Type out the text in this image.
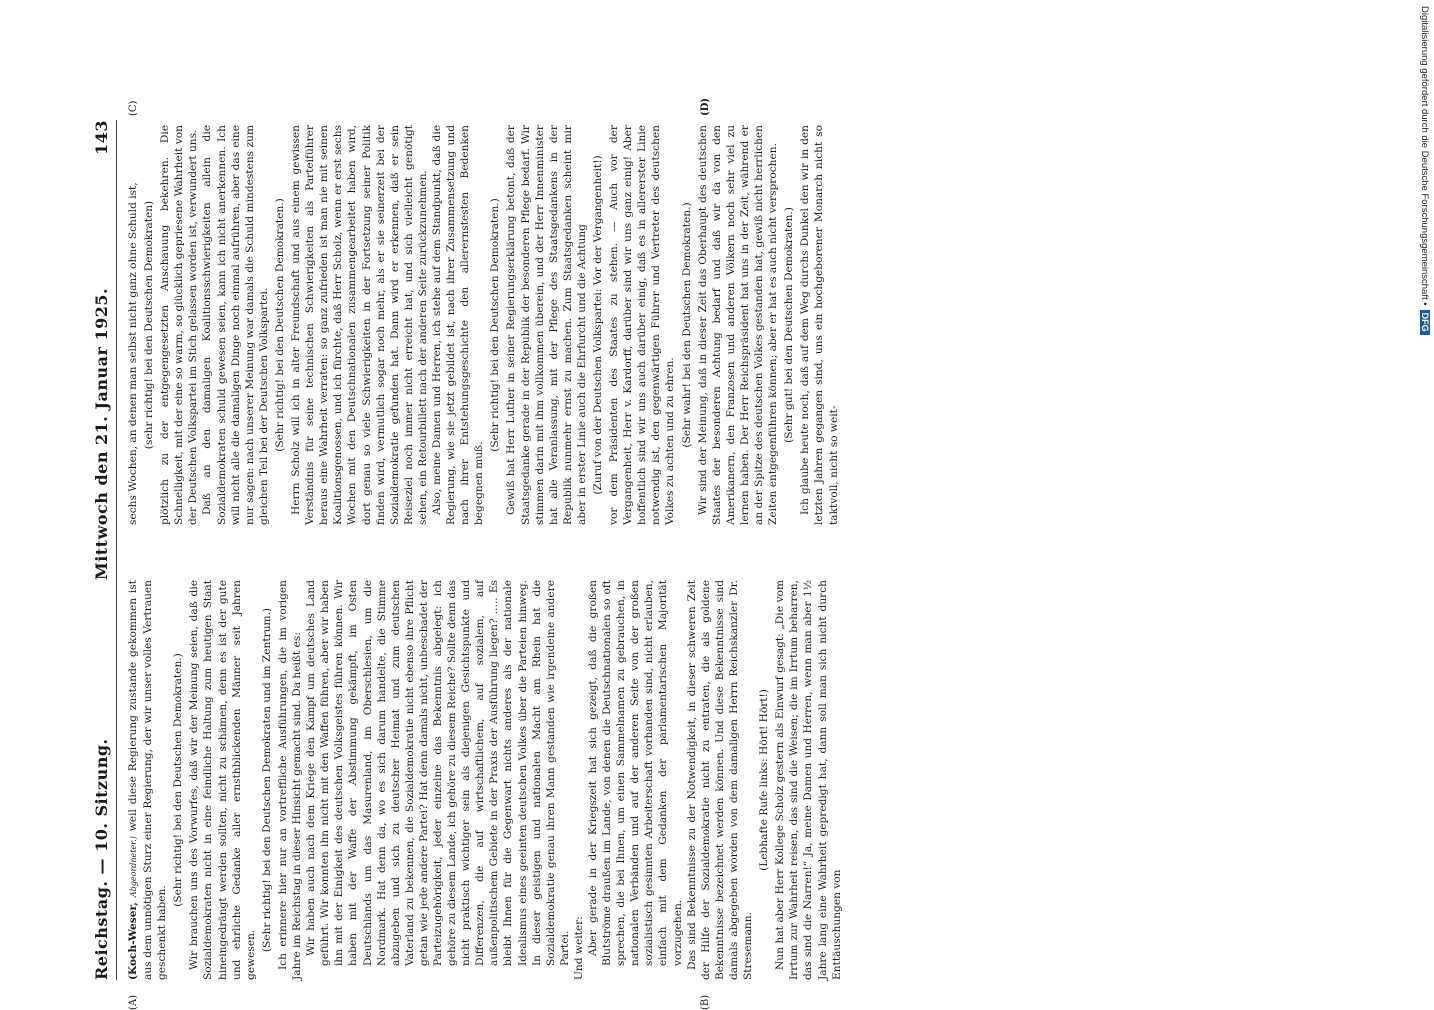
Reichstag. — 10. Sitzung.
Mittwoch den 21. Januar 1925.
143
(A)	(B)
(C)	(D)

(Koch-Weser, Abgeordneter.) weil diese Regierung zustande gekommen ist aus dem unnötigen Sturz einer Regierung, der wir unser volles Vertrauen geschenkt haben.

(Sehr richtig! bei den Deutschen Demokraten.) Wir brauchen uns des Vorwurfes, daß wir der Meinung seien, daß die Sozialdemokraten nicht in eine feindliche Haltung zum heutigen Staat hineingedrängt werden sollten, nicht zu schämen, denn es ist der gute und ehrliche Gedanke aller ernsthblickenden Männer seit Jahren gewesen.

(Sehr richtig! bei den Deutschen Demokraten und im Zentrum.) Ich erinnere hier nur an vortreffliche Ausführungen, die im vorigen Jahre im Reichstag in dieser Hinsicht gemacht sind. Da heißt es: Wir haben auch nach dem Kriege den Kampf um deutsches Land geführt. Wir konnten ihn nicht mit den Waffen führen, aber wir haben ihn mit der Einigkeit des deutschen Volksgeistes führen können. Wir haben mit der Waffe der Abstimmung gekämpft, im Osten Deutschlands um das Masurenland, im Oberschlesien, um die Nordmark. Hat denn da, wo es sich darum handelte, die Stimme abzugeben und sich zu deutscher Heimat und zum deutschen Vaterland zu bekennen, die Sozialdemokratie nicht ebenso ihre Pflicht getan wie jede andere Partei? Hat denn damals nicht, unbeschadet der Parteizugehörigkeit, jeder einzelne das Bekenntnis abgelegt: ich gehöre zu diesem Lande, ich gehöre zu diesem Reiche? Sollte denn das nicht praktisch wichtiger sein als diejenigen Gesichtspunkte und Differenzen, die auf wirtschaftlichem, auf sozialem, auf außenpolitischem Gebiete in der Praxis der Ausführung liegen? ..... Es bleibt Ihnen für die Gegenwart nichts anderes als der nationale Idealismus eines geeinten deutschen Volkes über die Parteien hinweg. In dieser geistigen und nationalen Macht am Rhein hat die Sozialdemokratie genau ihren Mann gestanden wie irgendeine andere Partei. Und weiter: Aber gerade in der Kriegszeit hat sich gezeigt, daß die großen Blutströme draußen im Lande, von denen die Deutschnationalen so oft sprechen, die bei Ihnen, um einen Sammelnamen zu gebrauchen, in nationalen Verbänden und auf der anderen Seite von der großen sozialistisch gesinnten Arbeiterschaft vorhanden sind, nicht erlauben, einfach mit dem Gedanken der parlamentarischen Majorität vorzugehen. Das sind Bekenntnisse zu der Notwendigkeit, in dieser schweren Zeit der Hilfe der Sozialdemokratie nicht zu entraten, die als goldene Bekenntnisse bezeichnet werden können. Und diese Bekenntnisse sind damals abgegeben worden von dem damaligen Herrn Reichskanzler Dr. Stresemann.

(Lebhafte Rufe links: Hört! Hört!) Nun hat aber Herr Kollege Scholz gestern als Einwurf gesagt: „Die vom Irrtum zur Wahrheit reisen, das sind die Weisen; die im Irrtum beharren, das sind die Narren!“ Ja, meine Damen und Herren, wenn man aber 1½ Jahre lang eine Wahrheit gepredigt hat, dann soll man sich nicht durch Enttäuschungen von

sechs Wochen, an denen man selbst nicht ganz ohne Schuld ist, (sehr richtig! bei den Deutschen Demokraten) plötzlich zu der entgegengesetzten Anschauung bekehren. Die Schnelligkeit, mit der eine so warm, so glücklich gepriesene Wahrheit von der Deutschen Volkspartei im Stich gelassen worden ist, verwundert uns. Daß an den damaligen Koalitionsschwierigkeiten allein die Sozialdemokraten schuld gewesen seien, kann ich nicht anerkennen. Ich will nicht alle die damaligen Dinge noch einmal aufrühren, aber das eine nur sagen: nach unserer Meinung war damals die Schuld mindestens zum gleichen Teil bei der Deutschen Volkspartei. (Sehr richtig! bei den Deutschen Demokraten.) Herrn Scholz will ich in alter Freundschaft und aus einem gewissen Verständnis für seine technischen Schwierigkeiten als Parteiführer heraus eine Wahrheit verraten: so ganz zufrieden ist man nie mit seinen Koalitionsgenossen, und ich fürchte, daß Herr Scholz, wenn er erst sechs Wochen mit den Deutschnationalen zusammengearbeitet haben wird, dort genau so viele Schwierigkeiten in der Fortsetzung seiner Politik finden wird, vermutlich sogar noch mehr, als er sie seinerzeit bei der Sozialdemokratie gefunden hat. Dann wird er erkennen, daß er sein Reiseziel noch immer nicht erreicht hat, und sich vielleicht genötigt sehen, ein Retourbillett nach der anderen Seite zurückzunehmen. Also, meine Damen und Herren, ich stehe auf dem Standpunkt, daß die Regierung, wie sie jetzt gebildet ist, nach ihrer Zusammensetzung und nach ihrer Entstehungsgeschichte den allerernstesten Bedenken begegnen muß.

(Sehr richtig! bei den Deutschen Demokraten.) Gewiß hat Herr Luther in seiner Regierungserklärung betont, daß der Staatsgedanke gerade in der Republik der besonderen Pflege bedarf. Wir stimmen darin mit ihm vollkommen überein, und der Herr Innenminister hat alle Veranlassung, mit der Pflege des Staatsgedankens in der Republik nunmehr ernst zu machen. Zum Staatsgedanken scheint mir aber in erster Linie auch die Ehrfurcht und die Achtung (Zuruf von der Deutschen Volkspartei: Vor der Vergangenheit!) vor dem Präsidenten des Staates zu stehen. — Auch vor der Vergangenheit, Herr v. Kardorff, darüber sind wir uns ganz einig! Aber hoffentlich sind wir uns auch darüber einig, daß es in allererster Linie notwendig ist, den gegenwärtigen Führer und Vertreter des deutschen Volkes zu achten und zu ehren. (Sehr wahr! bei den Deutschen Demokraten.) Wir sind der Meinung, daß in dieser Zeit das Oberhaupt des deutschen Staates der besonderen Achtung bedarf und daß wir da von den Amerikanern, den Franzosen und anderen Völkern noch sehr viel zu lernen haben. Der Herr Reichspräsident hat uns in der Zeit, während er an der Spitze des deutschen Volkes gestanden hat, gewiß nicht herrlichen Zeiten entgegenführen können; aber er hat es auch nicht versprochen. (Sehr gut! bei den Deutschen Demokraten.) Ich glaube heute noch, daß auf dem Weg durchs Dunkel den wir in den letzten Jahren gegangen sind, uns ein hochgeborener Monarch nicht so taktvoll, nicht so weit-

Digitalisierung gefördert durch die Deutsche Forschungsgemeinschaft •DFG
